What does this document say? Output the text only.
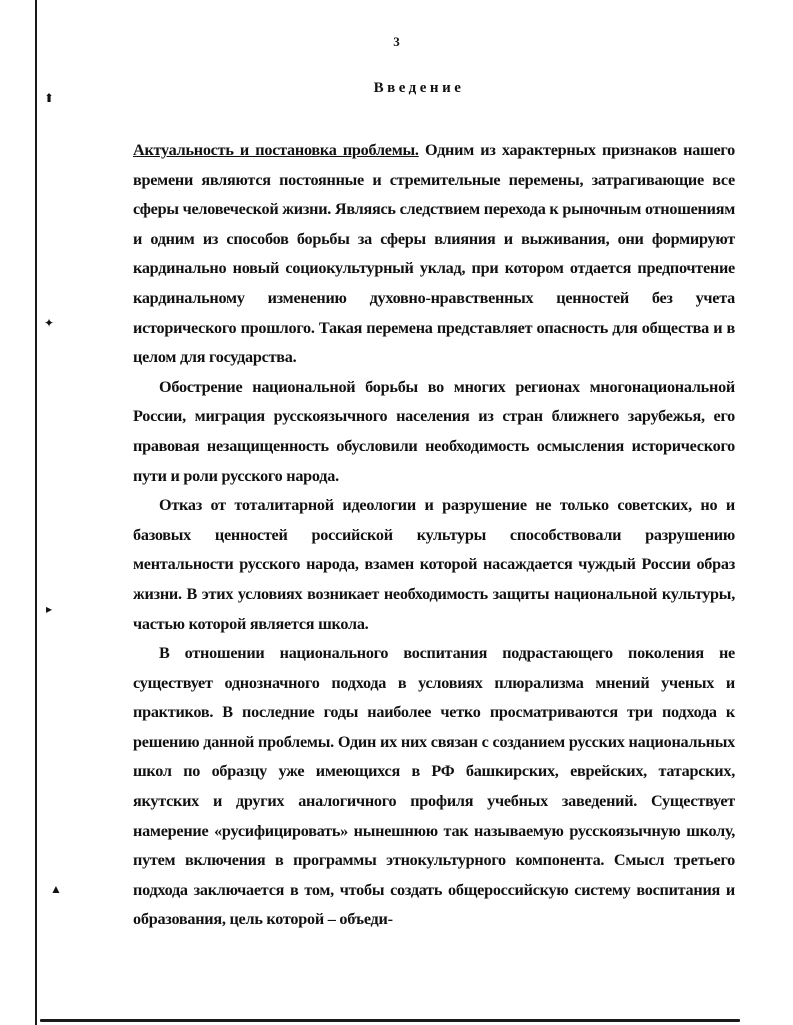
⬆
✦
▸
▲
3
Введение

Актуальность и постановка проблемы. Одним из характерных признаков нашего времени являются постоянные и стремительные перемены, затрагивающие все сферы человеческой жизни. Являясь следствием перехода к рыночным отношениям и одним из способов борьбы за сферы влияния и выживания, они формируют кардинально новый социокультурный уклад, при котором отдается предпочтение кардинальному изменению духовно-нравственных ценностей без учета исторического прошлого. Такая перемена представляет опасность для общества и в целом для государства.

Обострение национальной борьбы во многих регионах многонациональной России, миграция русскоязычного населения из стран ближнего зарубежья, его правовая незащищенность обусловили необходимость осмысления исторического пути и роли русского народа.

Отказ от тоталитарной идеологии и разрушение не только советских, но и базовых ценностей российской культуры способствовали разрушению ментальности русского народа, взамен которой насаждается чуждый России образ жизни. В этих условиях возникает необходимость защиты национальной культуры, частью которой является школа.

В отношении национального воспитания подрастающего поколения не существует однозначного подхода в условиях плюрализма мнений ученых и практиков. В последние годы наиболее четко просматриваются три подхода к решению данной проблемы. Один их них связан с созданием русских национальных школ по образцу уже имеющихся в РФ башкирских, еврейских, татарских, якутских и других аналогичного профиля учебных заведений. Существует намерение «русифицировать» нынешнюю так называемую русскоязычную школу, путем включения в программы этнокультурного компонента. Смысл третьего подхода заключается в том, чтобы создать общероссийскую систему воспитания и образования, цель которой – объеди-
